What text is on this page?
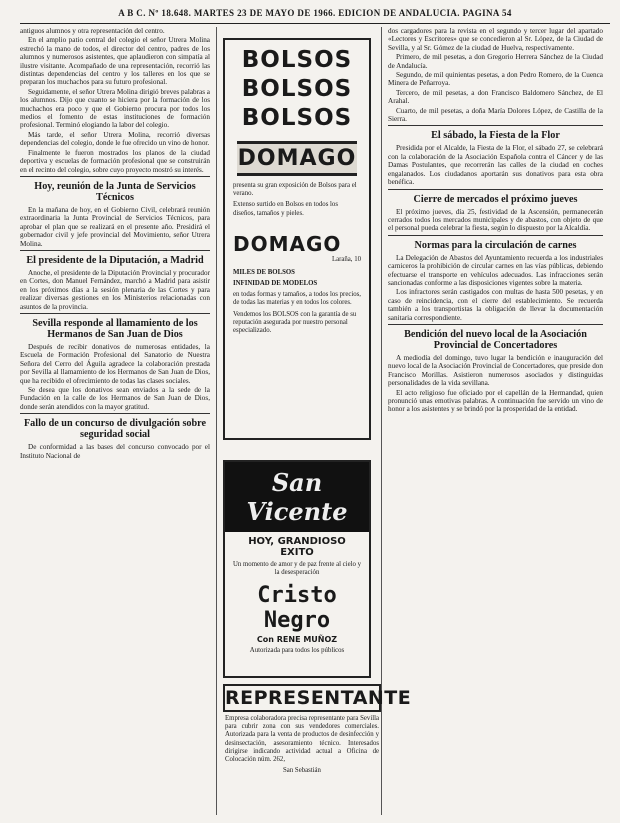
A B C. Nº 18.648. MARTES 23 DE MAYO DE 1966. EDICION DE ANDALUCIA. PAGINA 54

antiguos alumnos y otra representación del centro.

En el amplio patio central del colegio el señor Utrera Molina estrechó la mano de todos, el director del centro, padres de los alumnos y numerosos asistentes, que aplaudieron con simpatía al ilustre visitante. Acompañado de una representación, recorrió las distintas dependencias del centro y los talleres en los que se preparan los muchachos para su futuro profesional.

Seguidamente, el señor Utrera Molina dirigió breves palabras a los alumnos. Dijo que cuanto se hiciera por la formación de los muchachos era poco y que el Gobierno procura por todos los medios el fomento de estas instituciones de formación profesional. Terminó elogiando la labor del colegio.

Más tarde, el señor Utrera Molina, recorrió diversas dependencias del colegio, donde le fue ofrecido un vino de honor.

Finalmente le fueron mostrados los planos de la ciudad deportiva y escuelas de formación profesional que se construirán en el recinto del colegio, sobre cuyo proyecto mostró su interés.

Hoy, reunión de la Junta de Servicios Técnicos

En la mañana de hoy, en el Gobierno Civil, celebrará reunión extraordinaria la Junta Provincial de Servicios Técnicos, para aprobar el plan que se realizará en el presente año. Presidirá el gobernador civil y jefe provincial del Movimiento, señor Utrera Molina.

El presidente de la Diputación, a Madrid

Anoche, el presidente de la Diputación Provincial y procurador en Cortes, don Manuel Fernández, marchó a Madrid para asistir en los próximos días a la sesión plenaria de las Cortes y para realizar diversas gestiones en los Ministerios relacionadas con asuntos de la provincia.

Sevilla responde al llamamiento de los Hermanos de San Juan de Dios

Después de recibir donativos de numerosas entidades, la Escuela de Formación Profesional del Sanatorio de Nuestra Señora del Cerro del Águila agradece la colaboración prestada por Sevilla al llamamiento de los Hermanos de San Juan de Dios, que ha recibido el ofrecimiento de todas las clases sociales.

Se desea que los donativos sean enviados a la sede de la Fundación en la calle de los Hermanos de San Juan de Dios, donde serán atendidos con la mayor gratitud.

Fallo de un concurso de divulgación sobre seguridad social

De conformidad a las bases del concurso convocado por el Instituto Nacional de

BOLSOS

BOLSOS

BOLSOS

DOMAGO

presenta su gran exposición de Bolsos para el verano.

Extenso surtido en Bolsos en todos los diseños, tamaños y pieles.

DOMAGO

Laraña, 10

MILES DE BOLSOS

INFINIDAD DE MODELOS

en todas formas y tamaños, a todos los precios, de todas las materias y en todos los colores.

Vendemos los BOLSOS con la garantía de su reputación asegurada por nuestro personal especializado.

San Vicente

HOY, GRANDIOSO EXITO

Un momento de amor y de paz frente al cielo y la desesperación

Cristo Negro

Con RENE MUÑOZ

Autorizada para todos los públicos

REPRESENTANTE

Empresa colaboradora precisa representante para Sevilla para cubrir zona con sus vendedores comerciales. Autorizada para la venta de productos de desinfección y desinsectación, asesoramiento técnico. Interesados dirigirse indicando actividad actual a Oficina de Colocación núm. 262,

San Sebastián

dos cargadores para la revista en el segundo y tercer lugar del apartado «Lectores y Escritores» que se concedieron al Sr. López, de la Ciudad de Sevilla, y al Sr. Gómez de la ciudad de Huelva, respectivamente.

Primero, de mil pesetas, a don Gregorio Herrera Sánchez de la Ciudad de Andalucía.

Segundo, de mil quinientas pesetas, a don Pedro Romero, de la Cuenca Minera de Peñarroya.

Tercero, de mil pesetas, a don Francisco Baldomero Sánchez, de El Arahal.

Cuarto, de mil pesetas, a doña María Dolores López, de Castilla de la Sierra.

El sábado, la Fiesta de la Flor

Presidida por el Alcalde, la Fiesta de la Flor, el sábado 27, se celebrará con la colaboración de la Asociación Española contra el Cáncer y de las Damas Postulantes, que recorrerán las calles de la ciudad en coches engalanados. Los ciudadanos aportarán sus donativos para esta obra benéfica.

Cierre de mercados el próximo jueves

El próximo jueves, día 25, festividad de la Ascensión, permanecerán cerrados todos los mercados municipales y de abastos, con objeto de que el personal pueda celebrar la fiesta, según lo dispuesto por la Alcaldía.

Normas para la circulación de carnes

La Delegación de Abastos del Ayuntamiento recuerda a los industriales carniceros la prohibición de circular carnes en las vías públicas, debiendo efectuarse el transporte en vehículos adecuados. Las infracciones serán sancionadas conforme a las disposiciones vigentes sobre la materia.

Los infractores serán castigados con multas de hasta 500 pesetas, y en caso de reincidencia, con el cierre del establecimiento. Se recuerda también a los transportistas la obligación de llevar la documentación sanitaria correspondiente.

Bendición del nuevo local de la Asociación Provincial de Concertadores

A mediodía del domingo, tuvo lugar la bendición e inauguración del nuevo local de la Asociación Provincial de Concertadores, que preside don Francisco Morillas. Asistieron numerosos asociados y distinguidas personalidades de la vida sevillana.

El acto religioso fue oficiado por el capellán de la Hermandad, quien pronunció unas emotivas palabras. A continuación fue servido un vino de honor a los asistentes y se brindó por la prosperidad de la entidad.
